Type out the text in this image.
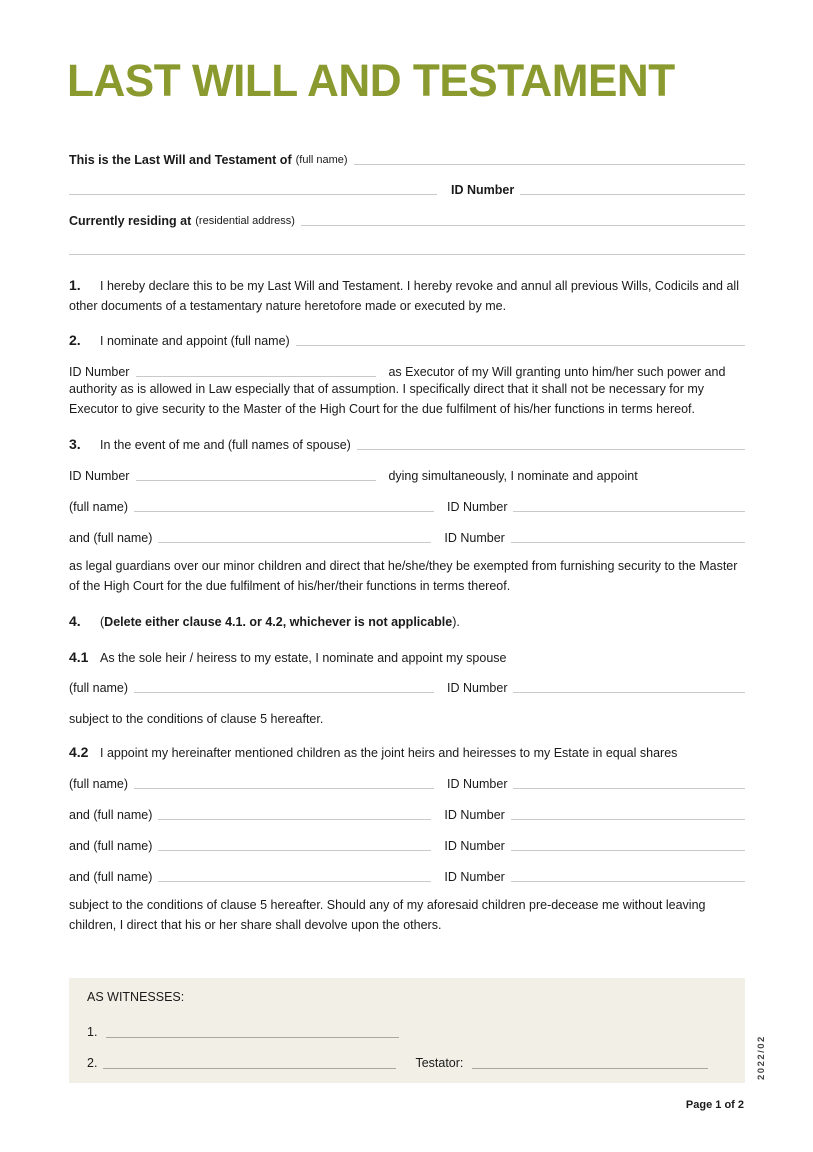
LAST WILL AND TESTAMENT
This is the Last Will and Testament of (full name)
ID Number
Currently residing at (residential address)

1. I hereby declare this to be my Last Will and Testament. I hereby revoke and annul all previous Wills, Codicils and all other documents of a testamentary nature heretofore made or executed by me.

2.	I nominate and appoint (full name)
ID Number	as Executor of my Will granting unto him/her such power and

authority as is allowed in Law especially that of assumption. I specifically direct that it shall not be necessary for my Executor to give security to the Master of the High Court for the due fulfilment of his/her functions in terms hereof.

3.	In the event of me and (full names of spouse)
ID Number	dying simultaneously, I nominate and appoint
(full name)	ID Number
and (full name)	ID Number

as legal guardians over our minor children and direct that he/she/they be exempted from furnishing security to the Master of the High Court for the due fulfilment of his/her/their functions in terms thereof.

4.	( Delete either clause 4.1. or 4.2, whichever is not applicable ).
4.1 As the sole heir / heiress to my estate, I nominate and appoint my spouse
(full name)	ID Number
subject to the conditions of clause 5 hereafter.
4.2 I appoint my hereinafter mentioned children as the joint heirs and heiresses to my Estate in equal shares
(full name)	ID Number
and (full name)	ID Number
and (full name)	ID Number
and (full name)	ID Number

subject to the conditions of clause 5 hereafter. Should any of my aforesaid children pre-decease me without leaving children, I direct that his or her share shall devolve upon the others.

AS WITNESSES:
1.
2.	Testator:	2022/02
Page 1 of 2
